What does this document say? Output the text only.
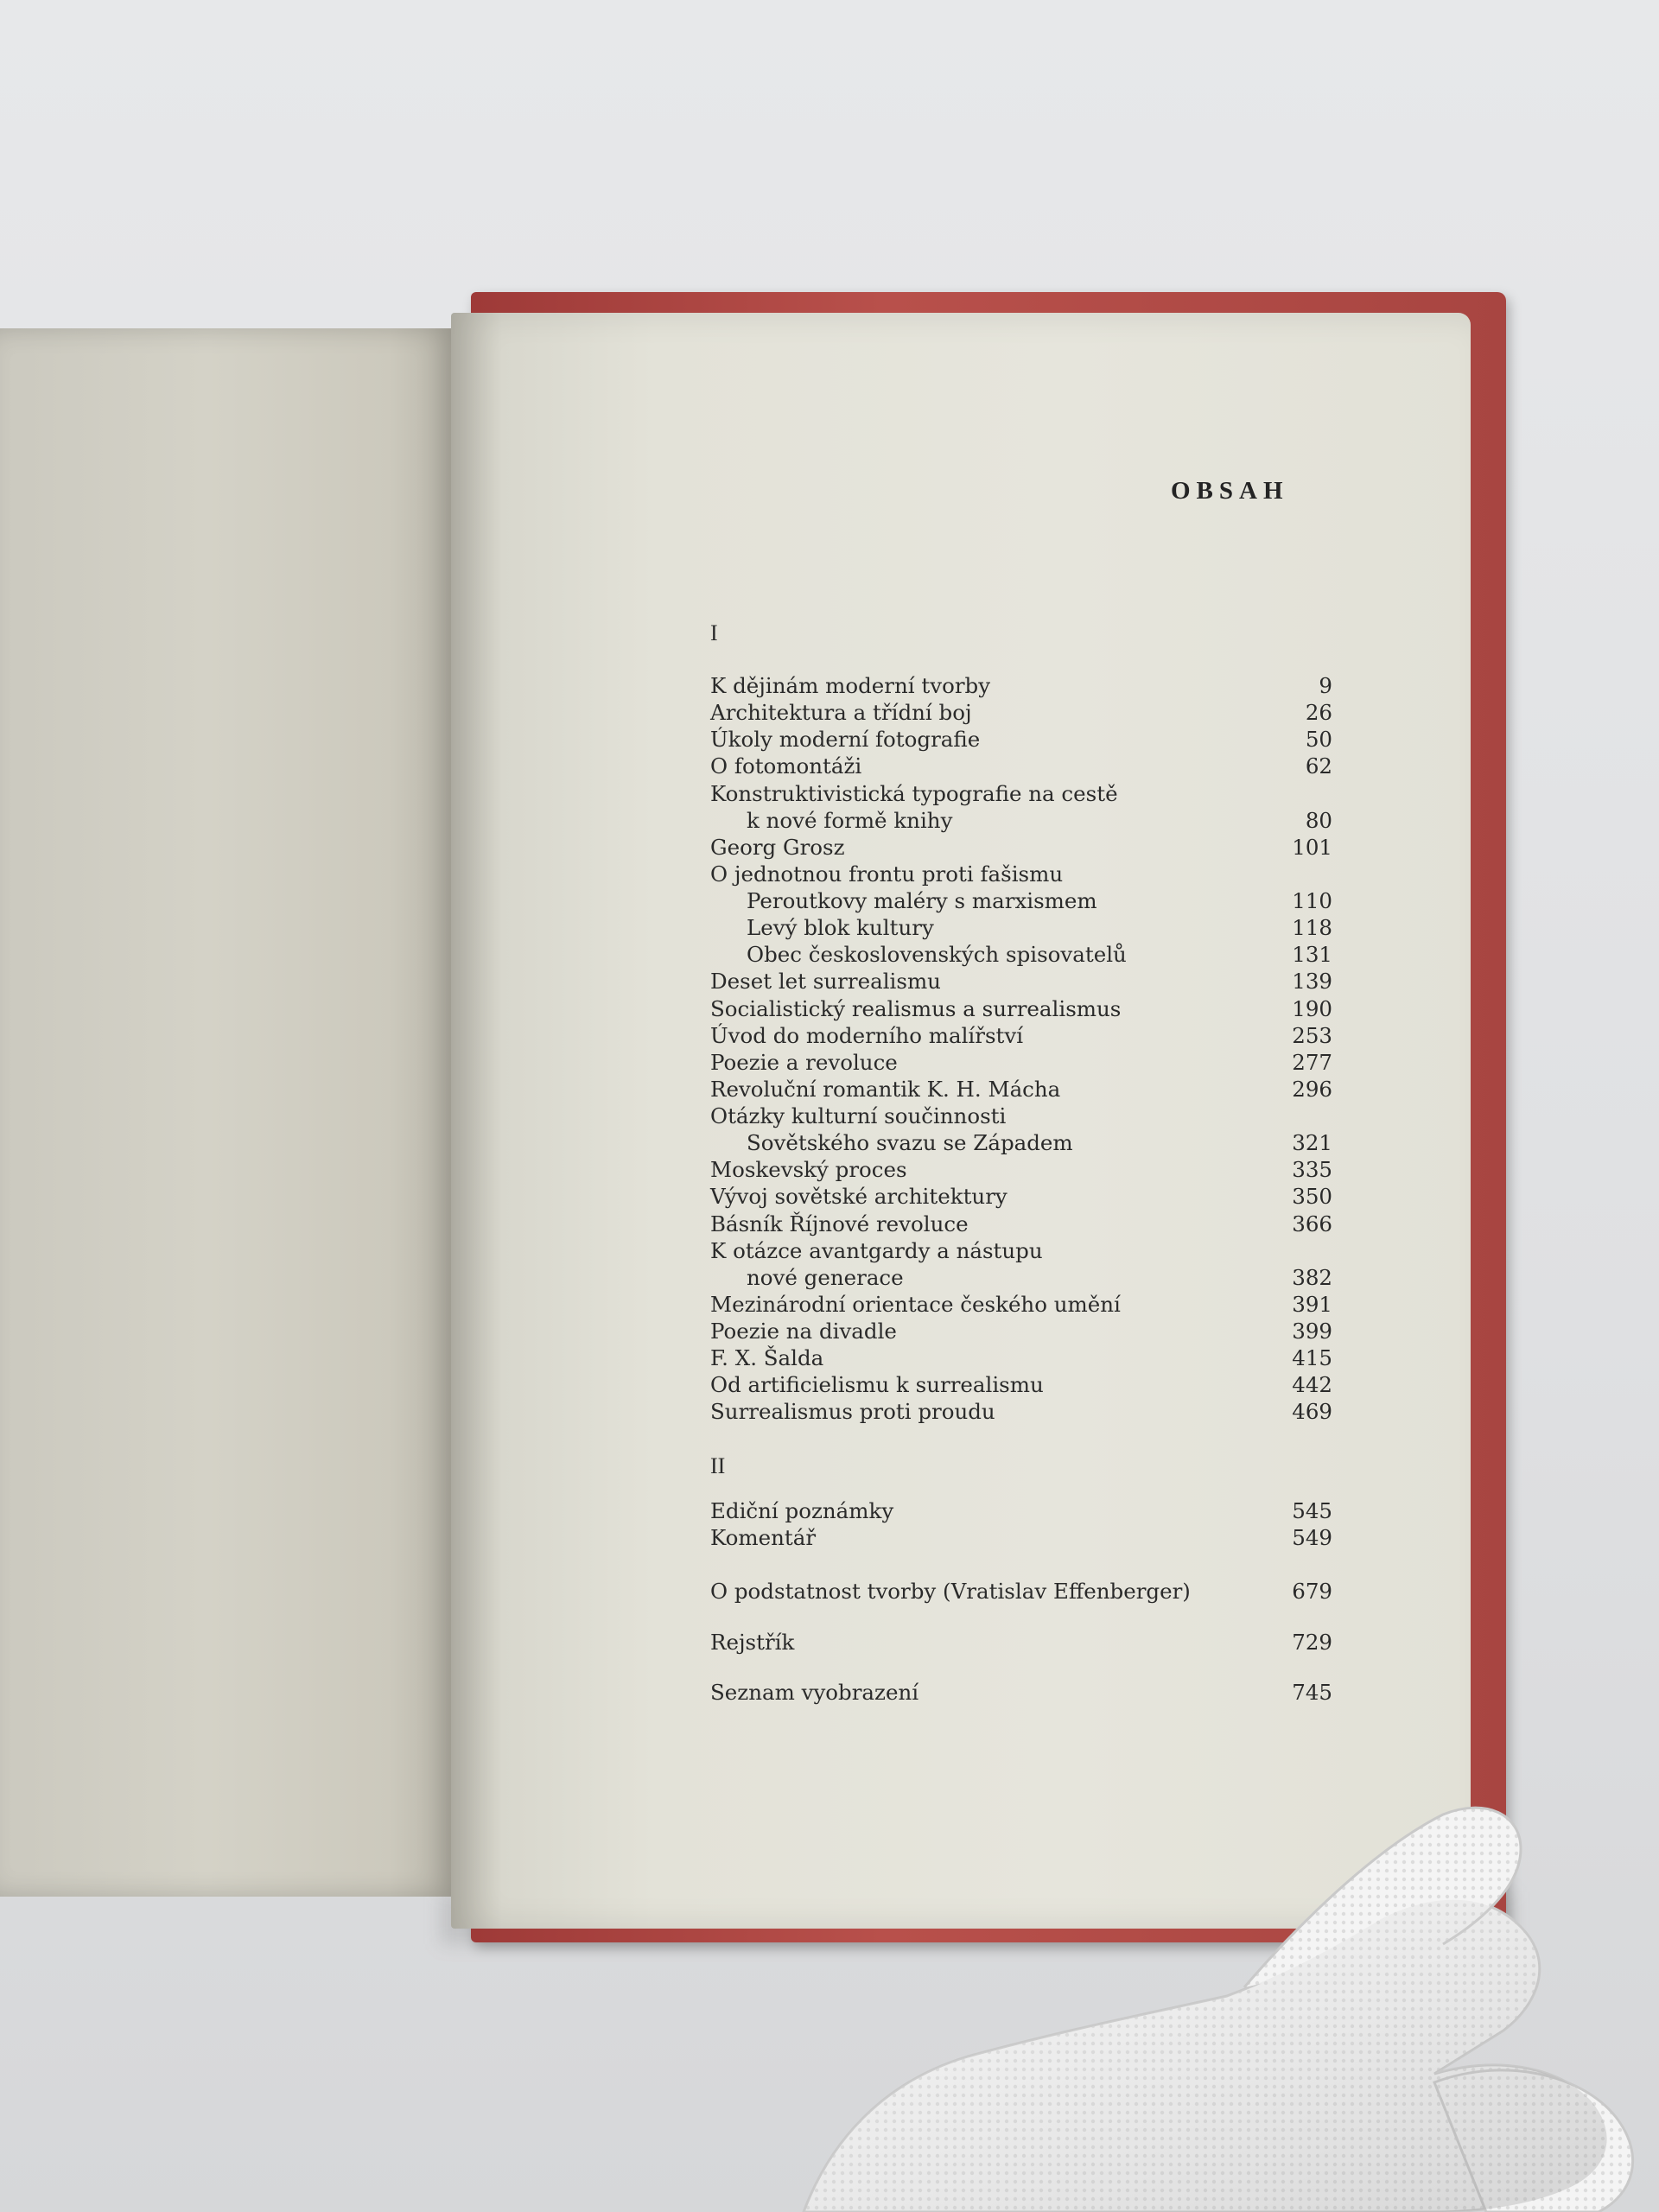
OBSAH
I
K dějinám moderní tvorby	9
Architektura a třídní boj	26
Úkoly moderní fotografie	50
O fotomontáži	62
Konstruktivistická typografie na cestě
k nové formě knihy	80
Georg Grosz	101
O jednotnou frontu proti fašismu
Peroutkovy maléry s marxismem	110
Levý blok kultury	118
Obec československých spisovatelů	131
Deset let surrealismu	139
Socialistický realismus a surrealismus	190
Úvod do moderního malířství	253
Poezie a revoluce	277
Revoluční romantik K. H. Mácha	296
Otázky kulturní součinnosti
Sovětského svazu se Západem	321
Moskevský proces	335
Vývoj sovětské architektury	350
Básník Říjnové revoluce	366
K otázce avantgardy a nástupu
nové generace	382
Mezinárodní orientace českého umění	391
Poezie na divadle	399
F. X. Šalda	415
Od artificielismu k surrealismu	442
Surrealismus proti proudu	469
II
Ediční poznámky	545
Komentář	549
O podstatnost tvorby (Vratislav Effenberger)	679
Rejstřík	729
Seznam vyobrazení	745
